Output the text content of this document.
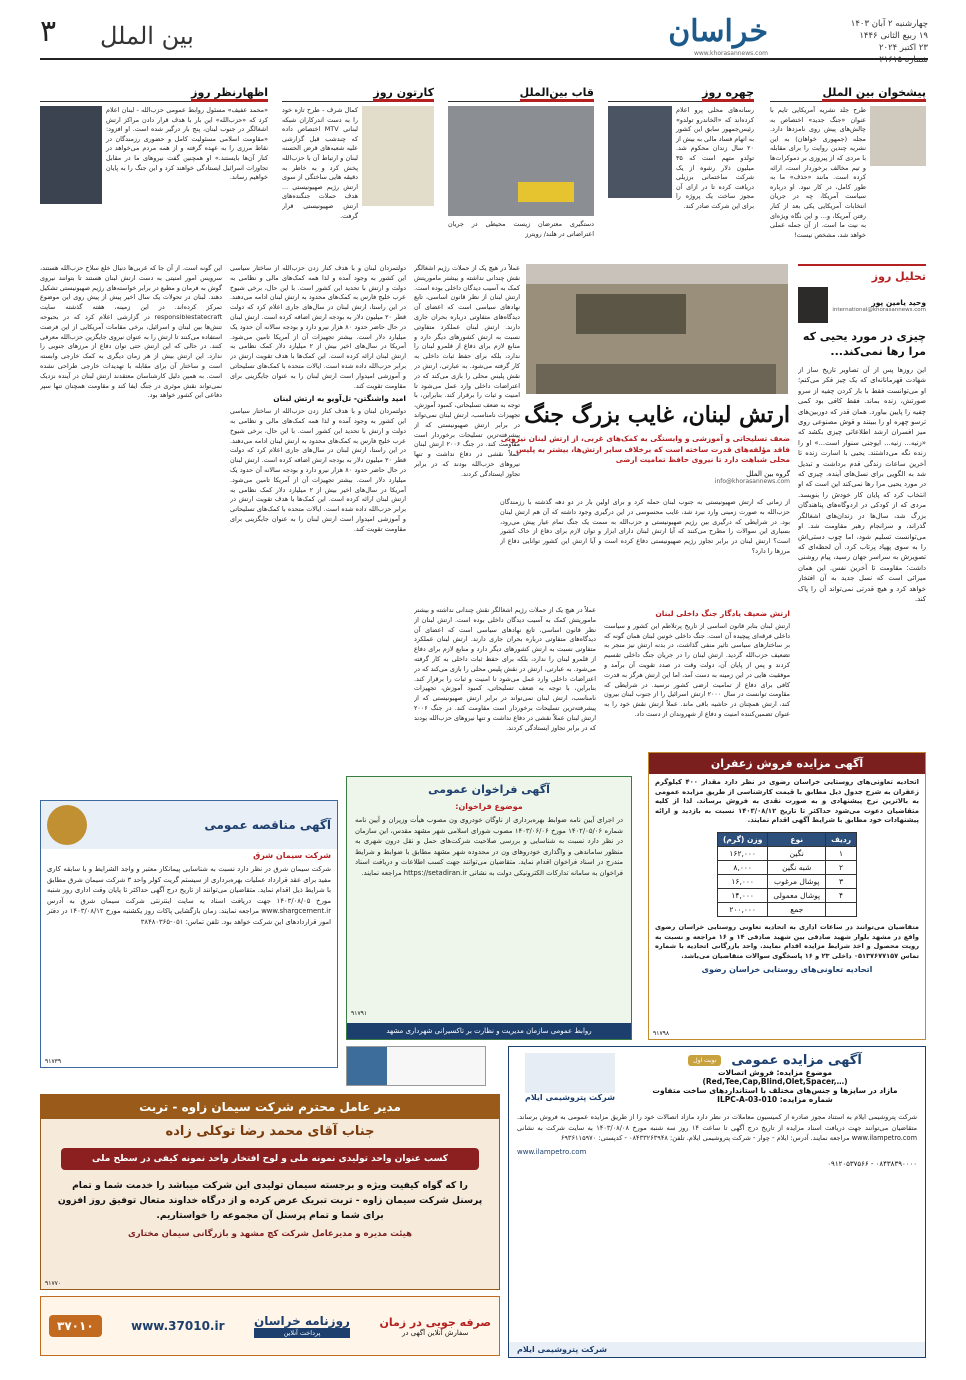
۳ بین الملل	خراسان
www.khorasannews.com
چهارشنبه ۲ آبان ۱۴۰۳
۱۹ ربیع الثانی ۱۴۴۶
۲۳ اکتبر ۲۰۲۴
شماره ۲۱۶۱۵
پیشخوان بین الملل
طرح جلد نشریه آمریکایی تایم با عنوان «جنگ جدید» اختصاص به چالش‌های پیش روی نامزدها دارد. مجله (جمهوری خواهان) به این نشریه چندین روایت را برای مقابله با مردی که از پیروزی بر دموکرات‌ها و تیم مخالف برخوردار است، ارائه کرده است. مانند «حذف» ما به طور کامل، در کار نبود. او درباره سیاست آمریکا، چه در جریان انتخابات آمریکایی یکی بعد از کنار رفتن آمریکا، و… و این نگاه ویژه‌ای به نیت ما است. از آن جمله عملی خواهد شد، مشخص نیست!
چهره روز
رسانه‌های محلی پرو اعلام کرده‌اند که «الخاندرو تولدو» رئیس‌جمهور سابق این کشور به اتهام فساد مالی به بیش از ۲۰ سال زندان محکوم شد. تولدو متهم است که ۳۵ میلیون دلار رشوه از یک شرکت ساختمانی برزیلی دریافت کرده تا در ازای آن مجوز ساخت یک پروژه را برای این شرکت صادر کند.
قاب بین‌الملل
دستگیری معترضان زیست محیطی در جریان اعتراضاتی در هلند/ رویترز
کارتون روز
کمال شرف - طرح تازه خود را به دست اندرکاران شبکه لبنانی MTV اختصاص داده که چندشب قبل گزارشی علیه شعبه‌های قرض الحسنه لبنان و ارتباط آن با حزب‌الله پخش کرد و به خاطر به دقیقه هایی ساختگی از سوی ارتش رژیم صهیونیستی ... هدف حملات جنگنده‌های ارتش صهیونیستی قرار گرفت.
اظهارنظر روز
«محمد عفیف» مسئول روابط عمومی حزب‌الله - لبنان اعلام کرد که «حزب‌الله» این بار با هدف قرار دادن مراکز ارتش اشغالگر در جنوب لبنان، پنج بار درگیر شده است. او افزود: «مقاومت اسلامی مسئولیت کامل و حضوری رزمندگان در نقاط مرزی را به عهده گرفته و از همه مردم می‌خواهد در کنار آن‌ها بایستند.» او همچنین گفت نیروهای ما در مقابل تجاوزات اسرائیل ایستادگی خواهند کرد و این جنگ را به پایان خواهیم رساند.
تحلیل روز
وحید یامین پور
international@khorasannews.com
چیزی در مورد یحیی که مرا رها نمی‌کند...
این روزها پس از آن تصاویر تاریخ ساز از شهادت قهرمانانه‌ای که یک چیز فکر می‌کنم؛ او می‌توانست فقط با بار کردن چفیه از سرو صورتش، زنده بماند. فقط کافی بود کمی چفیه را پایین بیاورد. همان قدر که دوربین‌های ترسو چهره او را ببینند و قوش مصنوعی روی میز افسران ارشد اطلاعاتی چیزی بکشد که «زنیه... زنیه... ایوجنی سنوار است...» او را زنده نگه می‌داشتند. یحیی با اسارت زنده تا آخرین ساعات زندگی قدم برداشت و تبدیل شد به الگویی برای نسل‌های آینده. چیزی که در مورد یحیی مرا رها نمی‌کند این است که او انتخاب کرد که پایان کار خودش را بنویسد. مردی که از کودکی در اردوگاه‌های پناهندگان بزرگ شد، سال‌ها در زندان‌های اشغالگر گذراند، و سرانجام رهبر مقاومت شد. او می‌توانست تسلیم شود، اما چوب دستی‌اش را به سوی پهپاد پرتاب کرد. آن لحظه‌ای که تصویرش به سراسر جهان رسید، پیام روشنی داشت: مقاومت تا آخرین نفس. این همان میراثی است که نسل جدید به آن افتخار خواهد کرد و هیچ قدرتی نمی‌تواند آن را پاک کند.
ارتش لبنان، غایب بزرگ جنگ
ضعف تسلیحاتی و آموزشی و وابستگی به کمک‌های غربی، از ارتش لبنان نیرویی فاقد مؤلفه‌های قدرت ساخته است که برخلاف سایر ارتش‌ها، بیشتر به پلیس محلی شباهت دارد تا نیروی حافظ تمامیت ارضی
گروه بین الملل
info@khorasannews.com
از زمانی که ارتش صهیونیستی به جنوب لبنان حمله کرد و برای اولین بار در دو دهه گذشته با رزمندگان حزب‌الله به صورت زمینی وارد نبرد شد، غایب محسوسی در این درگیری وجود داشته که آن هم ارتش لبنان بود. در شرایطی که درگیری بین رژیم صهیونیستی و حزب‌الله به سمت یک جنگ تمام عیار پیش می‌رود، بسیاری این سوالات را مطرح می‌کنند که آیا ارتش لبنان دارای ابزار و توان لازم برای دفاع از خاک کشور است؟ ارتش لبنان در برابر تجاوز رژیم صهیونیستی دفاع کرده است و آیا ارتش این کشور توانایی دفاع از مرزها را دارد؟
ارتش ضعیف یادگار جنگ داخلی لبنان
ارتش لبنان بنابر قانون اساسی از تاریخ پرتلاطم این کشور و سیاست داخلی فرقه‌ای پیچیده آن است. جنگ داخلی خونین لبنان همان گونه که بر ساختارهای سیاسی تاثیر منفی گذاشت، در بدنه ارتش نیز منجر به تضعیف حزب‌الله گردید. ارتش لبنان را در جریان جنگ داخلی تقسیم کردند و پس از پایان آن، دولت وقت در صدد تقویت آن برآمد و موفقیت هایی در این زمینه به دست آمد، اما این ارتش هرگز به قدرت کافی برای دفاع از تمامیت ارضی کشور نرسید. در شرایطی که مقاومت توانست در سال ۲۰۰۰ ارتش اسرائیل را از جنوب لبنان بیرون کند، ارتش همچنان در حاشیه باقی ماند. عملاً ارتش نقش خود را به عنوان تضمین‌کننده امنیت و دفاع از شهروندان از دست داد.
عملاً در هیچ یک از حملات رژیم اشغالگر نقش چندانی نداشته و بیشتر ماموریتش کمک به آسیب دیدگان داخلی بوده است. ارتش لبنان از نظر قانون اساسی، تابع نهادهای سیاسی است که اعضای آن دیدگاه‌های متفاوتی درباره بحران جاری دارند. ارتش لبنان عملکرد متفاوتی نسبت به ارتش کشورهای دیگر دارد و منابع لازم برای دفاع از قلمرو لبنان را ندارد، بلکه برای حفظ ثبات داخلی به کار گرفته می‌شود. به عبارتی، ارتش در نقش پلیس محلی را بازی می‌کند که در اعتراضات داخلی وارد عمل می‌شود تا امنیت و ثبات را برقرار کند. بنابراین، با توجه به ضعف تسلیحاتی، کمبود آموزش، تجهیزات نامناسب، ارتش لبنان نمی‌تواند در برابر ارتش صهیونیستی که از پیشرفته‌ترین تسلیحات برخوردار است مقاومت کند. در جنگ ۲۰۰۶ ارتش لبنان عملاً نقشی در دفاع نداشت و تنها نیروهای حزب‌الله بودند که در برابر تجاوز ایستادگی کردند.
عملاً در هیچ یک از حملات رژیم اشغالگر نقش چندانی نداشته و بیشتر ماموریتش کمک به آسیب دیدگان داخلی بوده است. ارتش لبنان از نظر قانون اساسی، تابع نهادهای سیاسی است که اعضای آن دیدگاه‌های متفاوتی درباره بحران جاری دارند. ارتش لبنان عملکرد متفاوتی نسبت به ارتش کشورهای دیگر دارد و منابع لازم برای دفاع از قلمرو لبنان را ندارد، بلکه برای حفظ ثبات داخلی به کار گرفته می‌شود. به عبارتی، ارتش در نقش پلیس محلی را بازی می‌کند که در اعتراضات داخلی وارد عمل می‌شود تا امنیت و ثبات را برقرار کند. بنابراین، با توجه به ضعف تسلیحاتی، کمبود آموزش، تجهیزات نامناسب، ارتش لبنان نمی‌تواند در برابر ارتش صهیونیستی که از پیشرفته‌ترین تسلیحات برخوردار است مقاومت کند. در جنگ ۲۰۰۶ ارتش لبنان عملاً نقشی در دفاع نداشت و تنها نیروهای حزب‌الله بودند که در برابر تجاوز ایستادگی کردند.
دولتمردان لبنان و با هدف کنار زدن حزب‌الله از ساختار سیاسی این کشور به وجود آمده و لذا همه کمک‌های مالی و نظامی به دولت و ارتش با تحدید این کشور است. با این حال، برخی شیوخ عرب خلیج فارس به کمک‌های محدود به ارتش لبنان ادامه می‌دهند. در این راستا، ارتش لبنان در سال‌های جاری اعلام کرد که دولت قطر ۲۰ میلیون دلار به بودجه ارتش اضافه کرده است. ارتش لبنان در حال حاضر حدود ۸۰ هزار نیرو دارد و بودجه سالانه آن حدود یک میلیارد دلار است. بیشتر تجهیزات آن از آمریکا تامین می‌شود. آمریکا در سال‌های اخیر بیش از ۲ میلیارد دلار کمک نظامی به ارتش لبنان ارائه کرده است. این کمک‌ها با هدف تقویت ارتش در برابر حزب‌الله داده شده است. ایالات متحده با کمک‌های تسلیحاتی و آموزشی امیدوار است ارتش لبنان را به عنوان جایگزینی برای مقاومت تقویت کند.
امید واشنگتن- تل‌آویو به ارتش لبنان
دولتمردان لبنان و با هدف کنار زدن حزب‌الله از ساختار سیاسی این کشور به وجود آمده و لذا همه کمک‌های مالی و نظامی به دولت و ارتش با تحدید این کشور است. با این حال، برخی شیوخ عرب خلیج فارس به کمک‌های محدود به ارتش لبنان ادامه می‌دهند. در این راستا، ارتش لبنان در سال‌های جاری اعلام کرد که دولت قطر ۲۰ میلیون دلار به بودجه ارتش اضافه کرده است. ارتش لبنان در حال حاضر حدود ۸۰ هزار نیرو دارد و بودجه سالانه آن حدود یک میلیارد دلار است. بیشتر تجهیزات آن از آمریکا تامین می‌شود. آمریکا در سال‌های اخیر بیش از ۲ میلیارد دلار کمک نظامی به ارتش لبنان ارائه کرده است. این کمک‌ها با هدف تقویت ارتش در برابر حزب‌الله داده شده است. ایالات متحده با کمک‌های تسلیحاتی و آموزشی امیدوار است ارتش لبنان را به عنوان جایگزینی برای مقاومت تقویت کند.
این گونه است. از آن جا که غربی‌ها دنبال خلع سلاح حزب‌الله هستند، سرویس امور امنیتی به دست ارتش لبنان هستند تا بتوانند نیروی گوش به فرمان و مطیع در برابر خواسته‌های رژیم صهیونیستی تشکیل دهند. لبنان در تحولات یک سال اخیر پیش از پیش روی این موضوع تمرکز کرده‌اند. در این زمینه، هفته گذشته سایت responsiblestatecraft در گزارشی اعلام کرد که در بحبوحه تنش‌ها بین لبنان و اسرائیل، برخی مقامات آمریکایی از این فرصت استفاده می‌کنند تا ارتش را به عنوان نیروی جایگزین حزب‌الله معرفی کنند. در حالی که این ارتش حتی توان دفاع از مرزهای جنوبی را ندارد. این ارتش بیش از هر زمان دیگری به کمک خارجی وابسته است و ساختار آن برای مقابله با تهدیدات خارجی طراحی نشده است. به همین دلیل کارشناسان معتقدند ارتش لبنان در آینده نزدیک نمی‌تواند نقش موثری در جنگ ایفا کند و مقاومت همچنان تنها سپر دفاعی این کشور خواهد بود.
آگهی مزایده فروش زعفران
اتحادیه تعاونی‌های روستایی خراسان رضوی در نظر دارد مقدار ۴۰۰ کیلوگرم زعفران به شرح جدول ذیل مطابق با قیمت کارشناسی از طریق مزایده عمومی به بالاترین نرخ پیشنهادی و به صورت نقدی به فروش برساند. لذا از کلیه متقاضیان دعوت می‌شود حداکثر تا تاریخ ۱۴۰۳/۰۸/۱۲ نسبت به بازدید و ارائه پیشنهادات خود مطابق با شرایط آگهی اقدام نمایند.
ردیف	نوع	وزن (گرم)
۱	نگین	۱۶۲,۰۰۰
۲	شبه نگین	۸,۰۰۰
۳	پوشال مرغوب	۱۶,۰۰۰
۴	پوشال معمولی	۱۴,۰۰۰
	جمع	۲۰۰,۰۰۰
متقاضیان می‌توانند در ساعات اداری به اتحادیه تعاونی روستایی خراسان رضوی واقع در مشهد بلوار شهید صادقی بین شهید صادقی ۱۴ و ۱۶ مراجعه و نسبت به رویت محصول و اخذ شرایط مزایده اقدام نمایند. واحد بازرگانی اتحادیه با شماره تماس ۰۵۱۳۷۶۷۷۱۵۷ داخلی ۲۳ و ۱۶ پاسخگوی سوالات متقاضیان می‌باشد.
اتحادیه تعاونی‌های روستایی خراسان رضوی
۹۱۷۹۸
آگهی فراخوان عمومی
موضوع فراخوان:
در اجرای آیین نامه ضوابط بهره‌برداری از ناوگان خودروی ون مصوب هیأت وزیران و آیین نامه شماره ۱۴۰۲/۰۵/۰۶ مورخ ۱۴۰۳/۰۶/۰۶ مصوب شورای اسلامی شهر مشهد مقدس، این سازمان در نظر دارد نسبت به شناسایی و بررسی صلاحیت شرکت‌های حمل و نقل درون شهری به منظور ساماندهی و واگذاری خودروهای ون در محدوده شهر مشهد مطابق با ضوابط و شرایط مندرج در اسناد فراخوان اقدام نماید. متقاضیان می‌توانند جهت کسب اطلاعات و دریافت اسناد فراخوان به سامانه تدارکات الکترونیکی دولت به نشانی https://setadiran.ir مراجعه نمایند.
روابط عمومی سازمان مدیریت و نظارت بر تاکسیرانی شهرداری مشهد
۹۱۷۹۱
آگهی مناقصه عمومی
شرکت سیمان شرق
شرکت سیمان شرق در نظر دارد نسبت به شناسایی پیمانکار معتبر و واجد الشرایط و با سابقه کاری مفید برای عقد قرارداد عملیات بهره‌برداری از سیستم گریت کولر واحد ۳ شرکت سیمان شرق مطابق با شرایط ذیل اقدام نماید. متقاضیان می‌توانند از تاریخ درج آگهی حداکثر تا پایان وقت اداری روز شنبه مورخ ۱۴۰۳/۰۸/۰۵ جهت دریافت اسناد به سایت اینترنتی شرکت سیمان شرق به آدرس www.shargcement.ir مراجعه نمایند. زمان بازگشایی پاکات روز یکشنبه مورخ ۱۴۰۳/۰۸/۱۲ در دفتر امور قراردادهای این شرکت خواهد بود. تلفن تماس: ۰۵۱-۳۸۴۸۰۳۶۵
۹۱۷۳۹	آگهی مزایده عمومی
نوبت اول
موضوع مزایده: فروش اتصالات
(Red,Tee,Cap,Blind,Olet,Spacer,…)
مازاد در سایزها و جنس‌های مختلف با استانداردهای ساخت متفاوت
شماره مزایده: ILPC-A-03-010
شرکت پتروشیمی ایلام
شرکت پتروشیمی ایلام به استناد مجوز صادره از کمیسیون معاملات در نظر دارد مازاد اتصالات خود را از طریق مزایده عمومی به فروش برساند. متقاضیان می‌توانند جهت دریافت اسناد مزایده از تاریخ درج آگهی تا ساعت ۱۴ روز سه شنبه مورخ ۱۴۰۳/۰۸/۰۸ به سایت شرکت به نشانی www.ilampetro.com مراجعه نمایند. آدرس: ایلام - چوار - شرکت پتروشیمی ایلام. تلفن: ۰۸۴۳۳۲۶۳۹۴۸ - کدپستی: ۶۹۳۶۱۱۵۹۷۰
www.ilampetro.com
۰۸۴۳۸۳۹۰۰۰۰ - ۰۹۱۲۰۵۳۷۵۶۶
شرکت پتروشیمی ایلام
مدیر عامل محترم شرکت سیمان زاوه - تربت
جناب آقای محمد رضا توکلی زاده
کسب عنوان واحد تولیدی نمونه ملی و لوح افتخار واحد نمونه کیفی در سطح ملی
را که گواه کیفیت ویژه و برجسته سیمان تولیدی این شرکت میباشد را خدمت شما و تمام پرسنل شرکت سیمان زاوه - تربت تبریک عرض کرده و از درگاه خداوند متعال توفیق روز افزون برای شما و تمام پرسنل آن مجموعه را خواستاریم.
هیئت مدیره و مدیرعامل شرکت کچ مشهد و بازرگانی سیمان مختاری
۹۱۷۷۰
صرفه جویی در زمان
سفارش آنلاین آگهی در
روزنامه خراسان
پرداخت آنلاین
www.37010.ir
۳۷۰۱۰
